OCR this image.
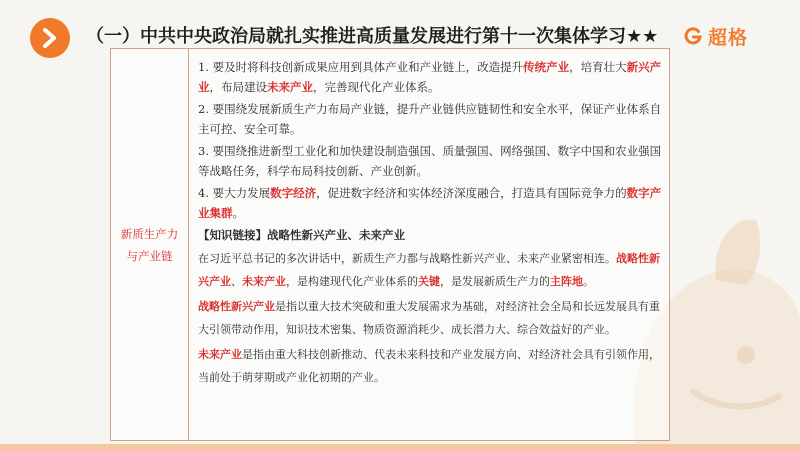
（一）中共中央政治局就扎实推进高质量发展进行第十一次集体学习★★	超格
新质生产力与产业链
1. 要及时将科技创新成果应用到具体产业和产业链上，改造提升传统产业，培育壮大新兴产业，布局建设未来产业，完善现代化产业体系。
2. 要围绕发展新质生产力布局产业链，提升产业链供应链韧性和安全水平，保证产业体系自主可控、安全可靠。
3. 要围绕推进新型工业化和加快建设制造强国、质量强国、网络强国、数字中国和农业强国等战略任务，科学布局科技创新、产业创新。
4. 要大力发展数字经济，促进数字经济和实体经济深度融合，打造具有国际竞争力的数字产业集群。
【知识链接】战略性新兴产业、未来产业
在习近平总书记的多次讲话中，新质生产力都与战略性新兴产业、未来产业紧密相连。战略性新兴产业、未来产业，是构建现代化产业体系的关键，是发展新质生产力的主阵地。
战略性新兴产业是指以重大技术突破和重大发展需求为基础，对经济社会全局和长远发展具有重大引领带动作用，知识技术密集、物质资源消耗少、成长潜力大、综合效益好的产业。
未来产业是指由重大科技创新推动、代表未来科技和产业发展方向、对经济社会具有引领作用，当前处于萌芽期或产业化初期的产业。
